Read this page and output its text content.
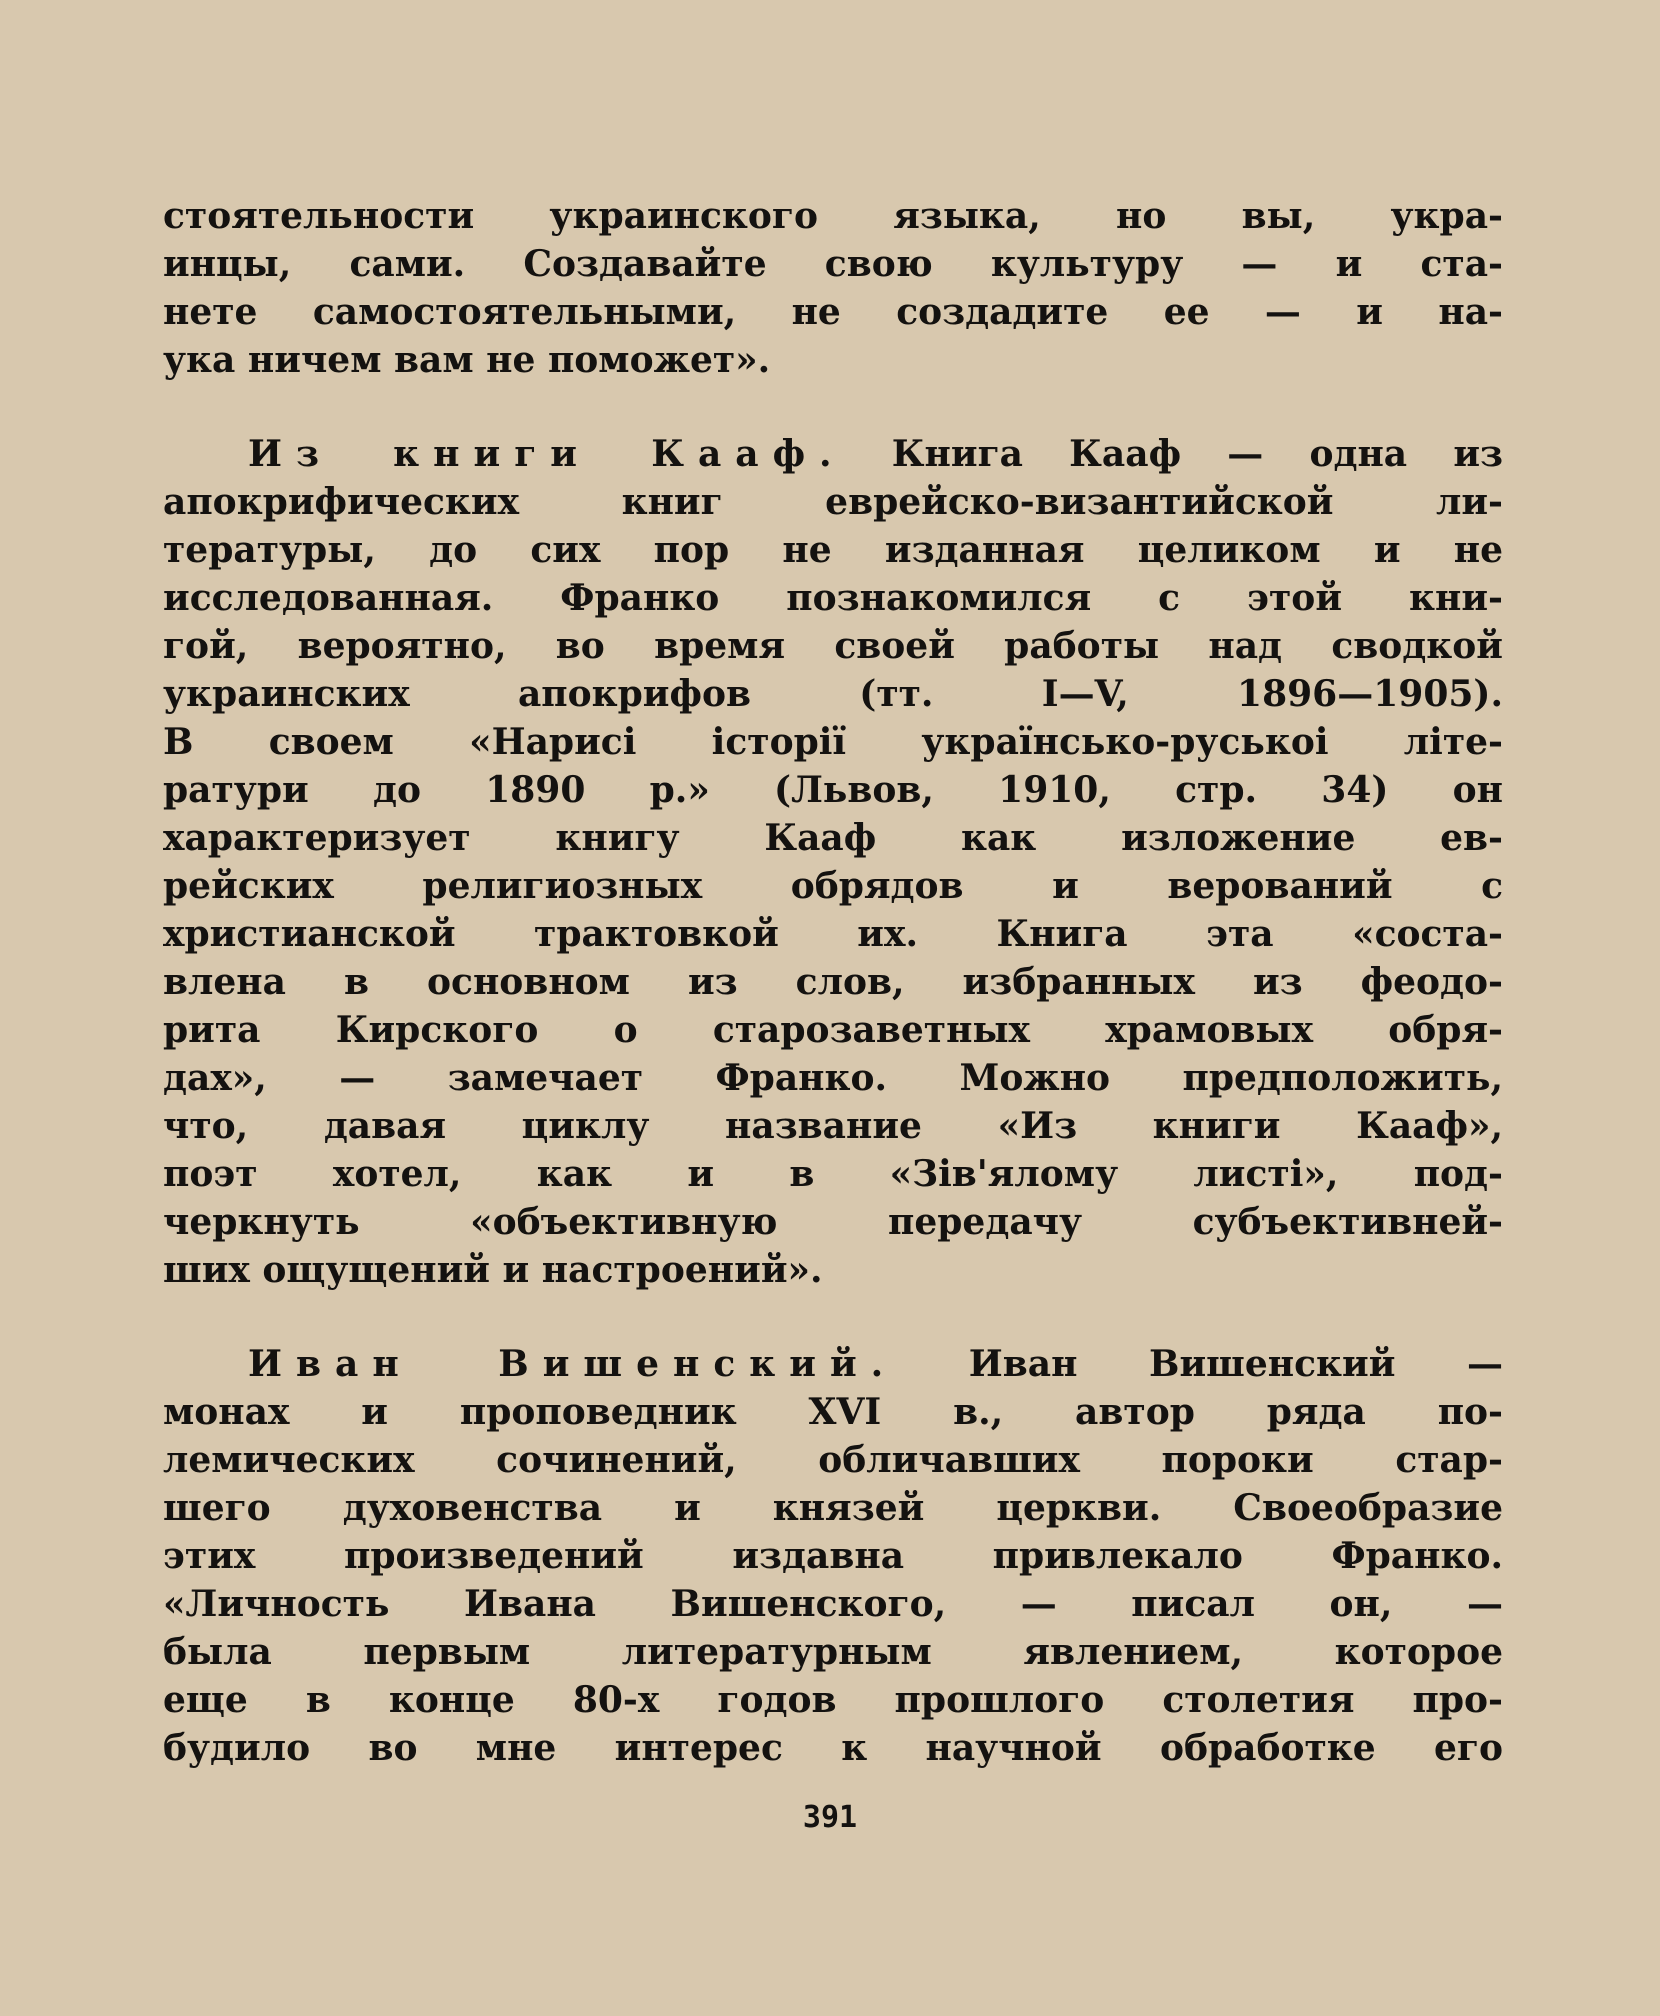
стоятельности украинского языка, но вы, укра-
инцы, сами. Создавайте свою культуру — и ста-
нете самостоятельными, не создадите ее — и на-
ука ничем вам не поможет».
Из книги Кааф. Книга Кааф — одна из
апокрифических книг еврейско-византийской ли-
тературы, до сих пор не изданная целиком и не
исследованная. Франко познакомился с этой кни-
гой, вероятно, во время своей работы над сводкой
украинских апокрифов (тт. I—V, 1896—1905).
В своем «Нарисі історії українсько-руськоі літе-
ратури до 1890 р.» (Львов, 1910, стр. 34) он
характеризует книгу Кааф как изложение ев-
рейских религиозных обрядов и верований с
христианской трактовкой их. Книга эта «соста-
влена в основном из слов, избранных из феодо-
рита Кирского о старозаветных храмовых обря-
дах», — замечает Франко. Можно предположить,
что, давая циклу название «Из книги Кааф»,
поэт хотел, как и в «Зів'ялому листі», под-
черкнуть «объективную передачу субъективней-
ших ощущений и настроений».
Иван Вишенский. Иван Вишенский —
монах и проповедник XVI в., автор ряда по-
лемических сочинений, обличавших пороки стар-
шего духовенства и князей церкви. Своеобразие
этих произведений издавна привлекало Франко.
«Личность Ивана Вишенского, — писал он, —
была первым литературным явлением, которое
еще в конце 80-х годов прошлого столетия про-
будило во мне интерес к научной обработке его
391
